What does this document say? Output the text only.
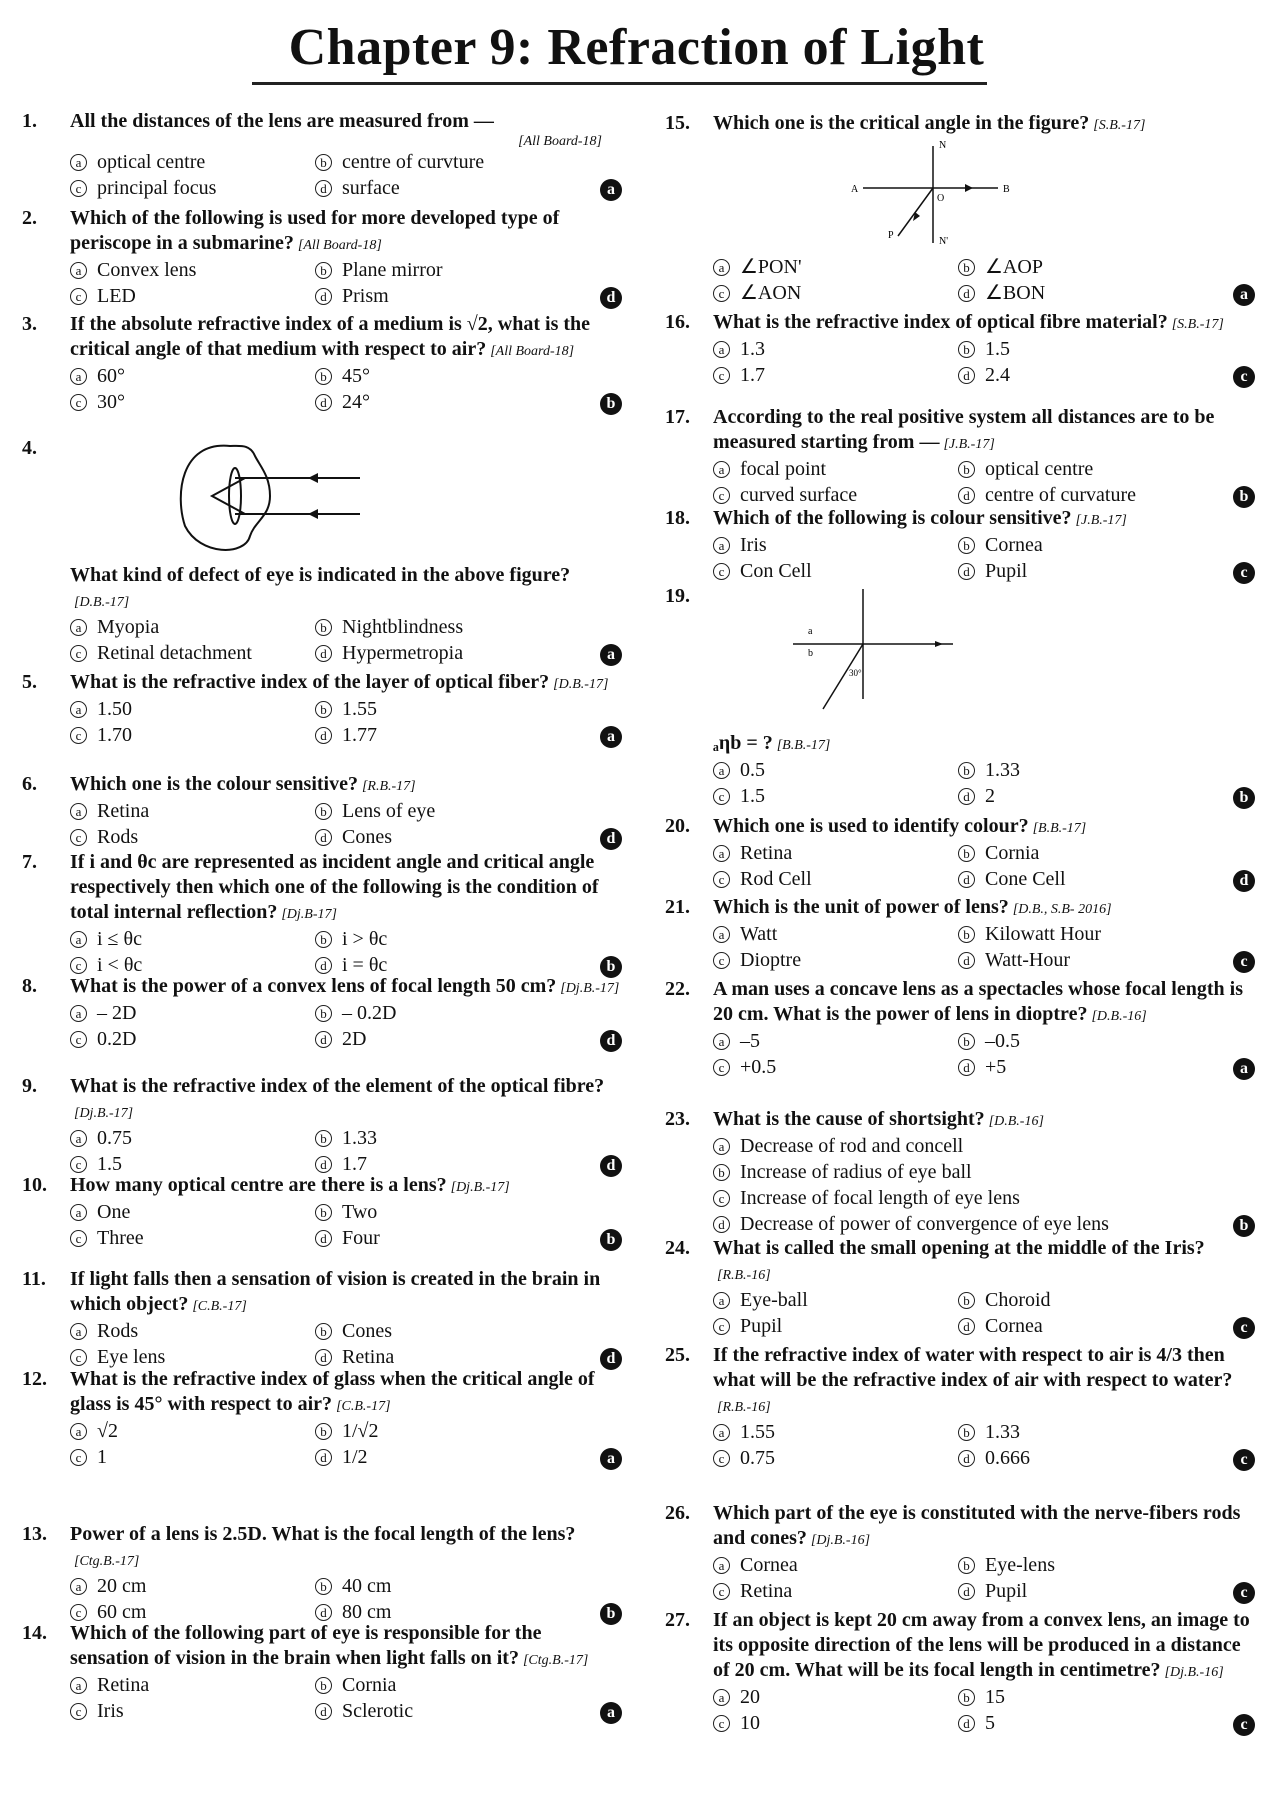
Chapter 9: Refraction of Light
1. All the distances of the lens are measured from —
[All Board-18]
a optical centre	b centre of curvture
c principal focus	d surface	a
2. Which of the following is used for more developed type of periscope in a submarine? [All Board-18]
a Convex lens	b Plane mirror
c LED	d Prism	d
3. If the absolute refractive index of a medium is √2, what is the critical angle of that medium with respect to air? [All Board-18]
a 60°	b 45°
c 30°	d 24°	b
4.
What kind of defect of eye is indicated in the above figure?[D.B.-17]
a Myopia	b Nightblindness
c Retinal detachment	d Hypermetropia	a
5. What is the refractive index of the layer of optical fiber? [D.B.-17]
a 1.50	b 1.55
c 1.70	d 1.77	a
6. Which one is the colour sensitive? [R.B.-17]
a Retina	b Lens of eye
c Rods	d Cones	d
7. If i and θc are represented as incident angle and critical angle respectively then which one of the following is the condition of total internal reflection? [Dj.B-17]
a i ≤ θc	b i > θc
c i < θc	d i = θc	b
8. What is the power of a convex lens of focal length 50 cm? [Dj.B.-17]
a – 2D	b – 0.2D
c 0.2D	d 2D	d
9. What is the refractive index of the element of the optical fibre?[Dj.B.-17]
a 0.75	b 1.33
c 1.5	d 1.7	d
10. How many optical centre are there is a lens? [Dj.B.-17]
a One	b Two
c Three	d Four	b
11. If light falls then a sensation of vision is created in the brain in which object? [C.B.-17]
a Rods	b Cones
c Eye lens	d Retina	d
12. What is the refractive index of glass when the critical angle of glass is 45° with respect to air? [C.B.-17]
a √2	b 1/√2
c 1	d 1/2	a
13. Power of a lens is 2.5D. What is the focal length of the lens?[Ctg.B.-17]
a 20 cm	b 40 cm
c 60 cm	d 80 cm	b
14. Which of the following part of eye is responsible for the sensation of vision in the brain when light falls on it? [Ctg.B.-17]
a Retina	b Cornia
c Iris	d Sclerotic	a
15. Which one is the critical angle in the figure? [S.B.-17]
N
A	B
O
P
N'
a ∠PON'	b ∠AOP
c ∠AON	d ∠BON	a
16. What is the refractive index of optical fibre material? [S.B.-17]
a 1.3	b 1.5
c 1.7	d 2.4	c
17. According to the real positive system all distances are to be measured starting from — [J.B.-17]
a focal point	b optical centre
c curved surface	d centre of curvature	b
18. Which of the following is colour sensitive? [J.B.-17]
a Iris	b Cornea
c Con Cell	d Pupil	c
19.
a
b
30°
ₐηb = ? [B.B.-17]
a 0.5	b 1.33
c 1.5	d 2	b
20. Which one is used to identify colour? [B.B.-17]
a Retina	b Cornia
c Rod Cell	d Cone Cell	d
21. Which is the unit of power of lens? [D.B., S.B- 2016]
a Watt	b Kilowatt Hour
c Dioptre	d Watt-Hour	c
22. A man uses a concave lens as a spectacles whose focal length is 20 cm. What is the power of lens in dioptre? [D.B.-16]
a –5	b –0.5
c +0.5	d +5	a
23. What is the cause of shortsight? [D.B.-16]
a Decrease of rod and concell
b Increase of radius of eye ball
c Increase of focal length of eye lens
d Decrease of power of convergence of eye lens	b
24. What is called the small opening at the middle of the Iris?[R.B.-16]
a Eye-ball	b Choroid
c Pupil	d Cornea	c
25. If the refractive index of water with respect to air is 4/3 then what will be the refractive index of air with respect to water?[R.B.-16]
a 1.55	b 1.33
c 0.75	d 0.666	c
26. Which part of the eye is constituted with the nerve-fibers rods and cones? [Dj.B.-16]
a Cornea	b Eye-lens
c Retina	d Pupil	c
27. If an object is kept 20 cm away from a convex lens, an image to its opposite direction of the lens will be produced in a distance of 20 cm. What will be its focal length in centimetre? [Dj.B.-16]
a 20	b 15
c 10	d 5	c
